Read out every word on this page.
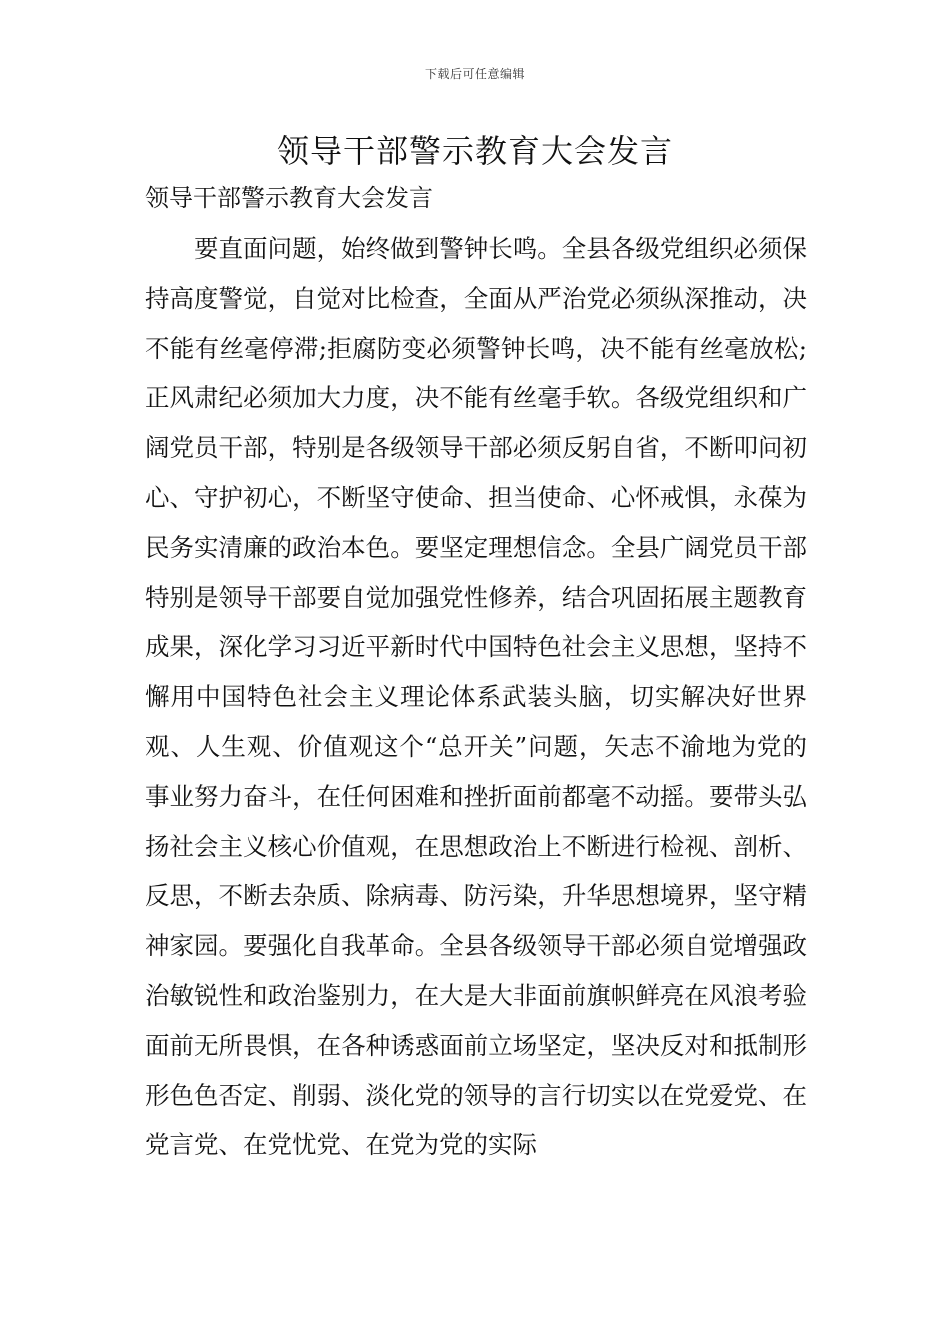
下载后可任意编辑
领导干部警示教育大会发言

领导干部警示教育大会发言

要直面问题，始终做到警钟长鸣。全县各级党组织必须保持高度警觉，自觉对比检查，全面从严治党必须纵深推动，决不能有丝毫停滞;拒腐防变必须警钟长鸣，决不能有丝毫放松;正风肃纪必须加大力度，决不能有丝毫手软。各级党组织和广阔党员干部，特别是各级领导干部必须反躬自省，不断叩问初心、守护初心，不断坚守使命、担当使命、心怀戒惧，永葆为民务实清廉的政治本色。要坚定理想信念。全县广阔党员干部特别是领导干部要自觉加强党性修养，结合巩固拓展主题教育成果，深化学习习近平新时代中国特色社会主义思想，坚持不懈用中国特色社会主义理论体系武装头脑，切实解决好世界观、人生观、价值观这个“总开关”问题，矢志不渝地为党的事业努力奋斗，在任何困难和挫折面前都毫不动摇。要带头弘扬社会主义核心价值观，在思想政治上不断进行检视、剖析、反思，不断去杂质、除病毒、防污染，升华思想境界，坚守精神家园。要强化自我革命。全县各级领导干部必须自觉增强政治敏锐性和政治鉴别力，在大是大非面前旗帜鲜亮在风浪考验面前无所畏惧，在各种诱惑面前立场坚定，坚决反对和抵制形形色色否定、削弱、淡化党的领导的言行切实以在党爱党、在党言党、在党忧党、在党为党的实际
